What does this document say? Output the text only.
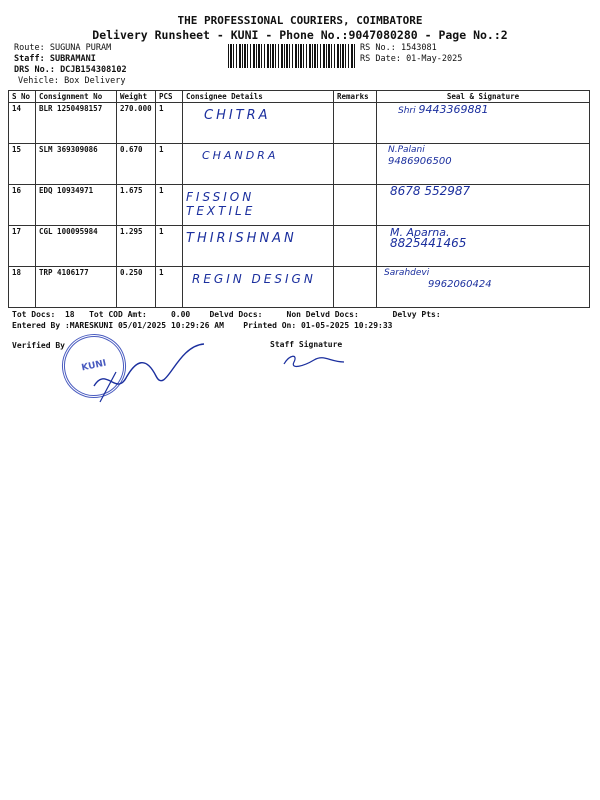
THE PROFESSIONAL COURIERS, COIMBATORE
Delivery Runsheet - KUNI - Phone No.:9047080280 - Page No.:2
Route: SUGUNA PURAM
Staff: SUBRAMANI
DRS No.: DCJB154308102
Vehicle: Box Delivery
RS No.: 1543081
RS Date: 01-May-2025
S No	Consignment No	Weight	PCS	Consignee Details	Remarks	Seal & Signature
14	BLR 1250498157	270.000	1	CHITRA		Shri 9443369881

15	SLM 369309086	0.670	1	CHANDRA		N.Palani
9486906500

16	EDQ 10934971	1.675	1	FISSION TEXTILE		8678 552987

17	CGL 100095984	1.295	1	THIRISHNAN		M. Aparna.
8825441465

18	TRP 4106177	0.250	1	REGIN DESIGN		Sarahdevi
9962060424
Tot Docs:  18   Tot COD Amt:     0.00    Delvd Docs:     Non Delvd Docs:       Delvy Pts:
Entered By :MARESKUNI 05/01/2025 10:29:26 AM    Printed On: 01-05-2025 10:29:33
Verified By	Staff Signature
KUNI
